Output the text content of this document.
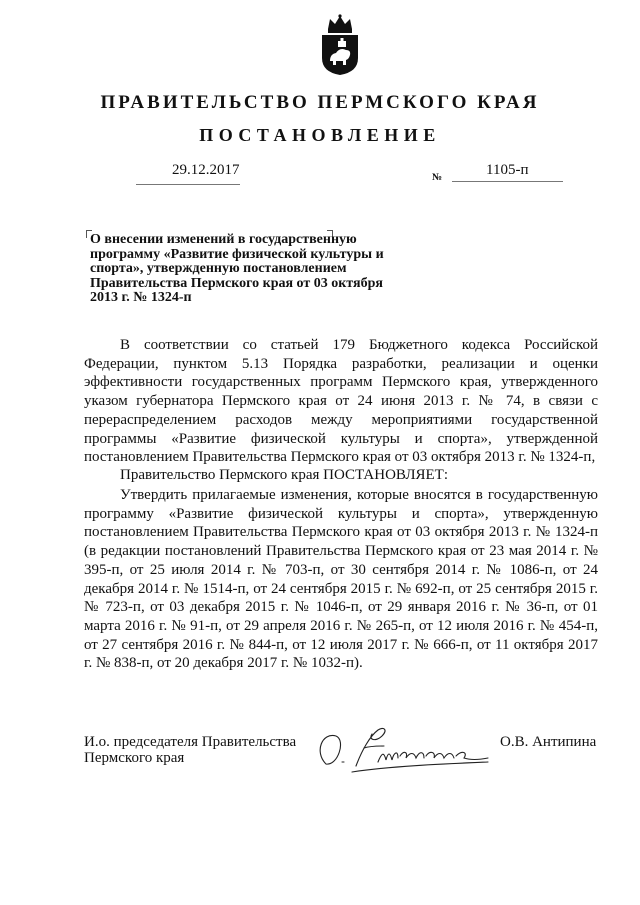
ПРАВИТЕЛЬСТВО ПЕРМСКОГО КРАЯ
ПОСТАНОВЛЕНИЕ
29.12.2017	№	1105-п
О внесении изменений в государственную программу «Развитие физической культуры и спорта», утвержденную постановлением Правительства Пермского края от 03 октября 2013 г. № 1324-п

В соответствии со статьей 179 Бюджетного кодекса Российской Федерации, пунктом 5.13 Порядка разработки, реализации и оценки эффективности государственных программ Пермского края, утвержденного указом губернатора Пермского края от 24 июня 2013 г. № 74, в связи с перераспределением расходов между мероприятиями государственной программы «Развитие физической культуры и спорта», утвержденной постановлением Правительства Пермского края от 03 октября 2013 г. № 1324-п,

Правительство Пермского края ПОСТАНОВЛЯЕТ:

Утвердить прилагаемые изменения, которые вносятся в государственную программу «Развитие физической культуры и спорта», утвержденную постановлением Правительства Пермского края от 03 октября 2013 г. № 1324-п (в редакции постановлений Правительства Пермского края от 23 мая 2014 г. № 395-п, от 25 июля 2014 г. № 703-п, от 30 сентября 2014 г. № 1086-п, от 24 декабря 2014 г. № 1514-п, от 24 сентября 2015 г. № 692-п, от 25 сентября 2015 г. № 723-п, от 03 декабря 2015 г. № 1046-п, от 29 января 2016 г. № 36-п, от 01 марта 2016 г. № 91-п, от 29 апреля 2016 г. № 265-п, от 12 июля 2016 г. № 454-п, от 27 сентября 2016 г. № 844-п, от 12 июля 2017 г. № 666-п, от 11 октября 2017 г. № 838-п, от 20 декабря 2017 г. № 1032-п).

И.о. председателя Правительства
Пермского края
О.В. Антипина
